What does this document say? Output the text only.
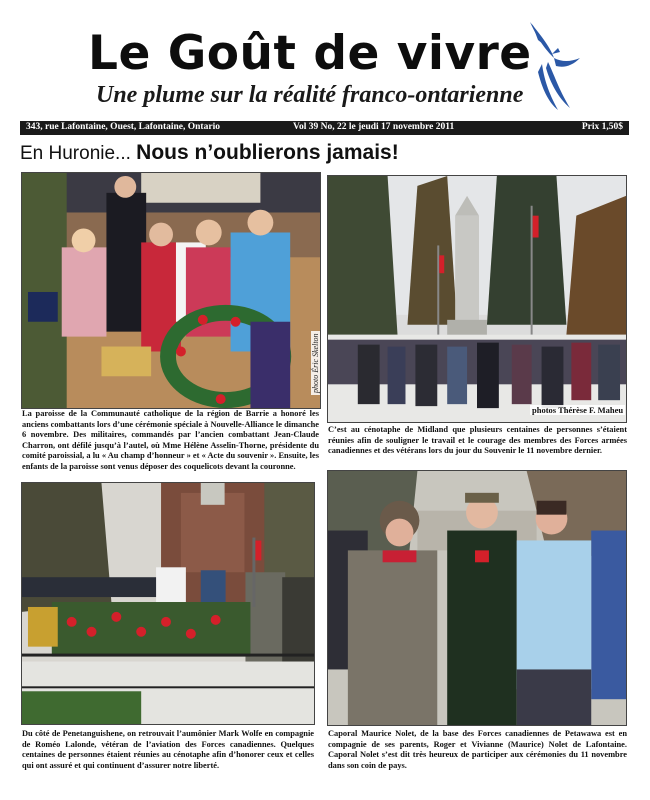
Le Goût de vivre
Une plume sur la réalité franco-ontarienne
343, rue Lafontaine, Ouest, Lafontaine, Ontario	Vol 39 No, 22 le jeudi 17 novembre 2011	Prix 1,50$
En Huronie... Nous n’oublierons jamais!
photo Éric Skelton
La paroisse de la Communauté catholique de la région de Barrie a honoré les anciens combattants lors d’une cérémonie spéciale à Nouvelle-Alliance le dimanche 6 novembre. Des militaires, commandés par l’ancien combattant Jean-Claude Charron, ont défilé jusqu’à l’autel, où Mme Hélène Asselin-Thorne, présidente du comité paroissial, a lu « Au champ d’honneur » et « Acte du souvenir ». Ensuite, les enfants de la paroisse sont venus déposer des coquelicots devant la couronne.
photos Thérèse F. Maheu
C’est au cénotaphe de Midland que plusieurs centaines de personnes s’étaient réunies afin de souligner le travail et le courage des membres des Forces armées canadiennes et des vétérans lors du jour du Souvenir le 11 novembre dernier.
Du côté de Penetanguishene, on retrouvait l’aumônier Mark Wolfe en compagnie de Roméo Lalonde, vétéran de l’aviation des Forces canadiennes. Quelques centaines de personnes étaient réunies au cénotaphe afin d’honorer ceux et celles qui ont assuré et qui continuent d’assurer notre liberté.
Caporal Maurice Nolet, de la base des Forces canadiennes de Petawawa est en compagnie de ses parents, Roger et Vivianne (Maurice) Nolet de Lafontaine. Caporal Nolet s’est dit très heureux de participer aux cérémonies du 11 novembre dans son coin de pays.
